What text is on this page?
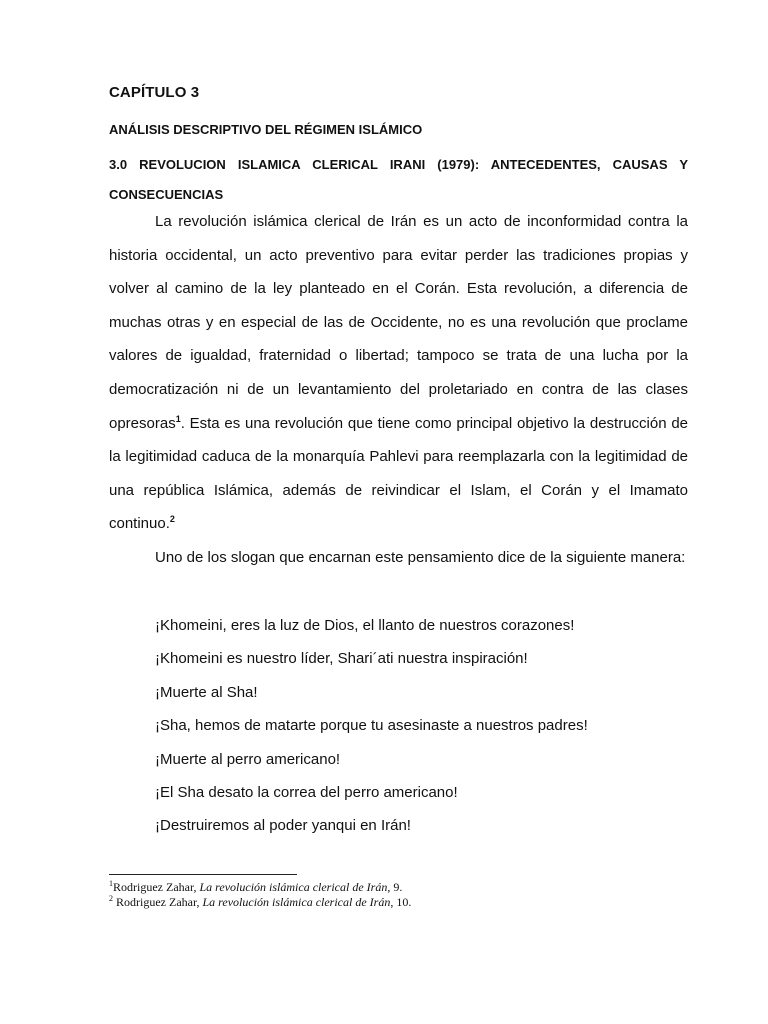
CAPÍTULO 3
ANÁLISIS DESCRIPTIVO DEL RÉGIMEN ISLÁMICO
3.0 REVOLUCION ISLAMICA CLERICAL IRANI (1979): ANTECEDENTES, CAUSAS Y
CONSECUENCIAS
La revolución islámica clerical de Irán es un acto de inconformidad contra la historia occidental, un acto preventivo para evitar perder las tradiciones propias y volver al camino de la ley planteado en el Corán. Esta revolución, a diferencia de muchas otras y en especial de las de Occidente, no es una revolución que proclame valores de igualdad, fraternidad o libertad; tampoco se trata de una lucha por la democratización ni de un levantamiento del proletariado en contra de las clases opresoras$^1$. Esta es una revolución que tiene como principal objetivo la destrucción de la legitimidad caduca de la monarquía Pahlevi para reemplazarla con la legitimidad de una república Islámica, además de reivindicar el Islam, el Corán y el Imamato continuo.$^2$
Uno de los slogan que encarnan este pensamiento dice de la siguiente manera:
¡Khomeini, eres la luz de Dios, el llanto de nuestros corazones!
¡Khomeini es nuestro líder, Shari´ati nuestra inspiración!
¡Muerte al Sha!
¡Sha, hemos de matarte porque tu asesinaste a nuestros padres!
¡Muerte al perro americano!
¡El Sha desato la correa del perro americano!
¡Destruiremos al poder yanqui en Irán!
$^1$Rodriguez Zahar, La revolución islámica clerical de Irán, 9.
$^2$ Rodriguez Zahar, La revolución islámica clerical de Irán, 10.
